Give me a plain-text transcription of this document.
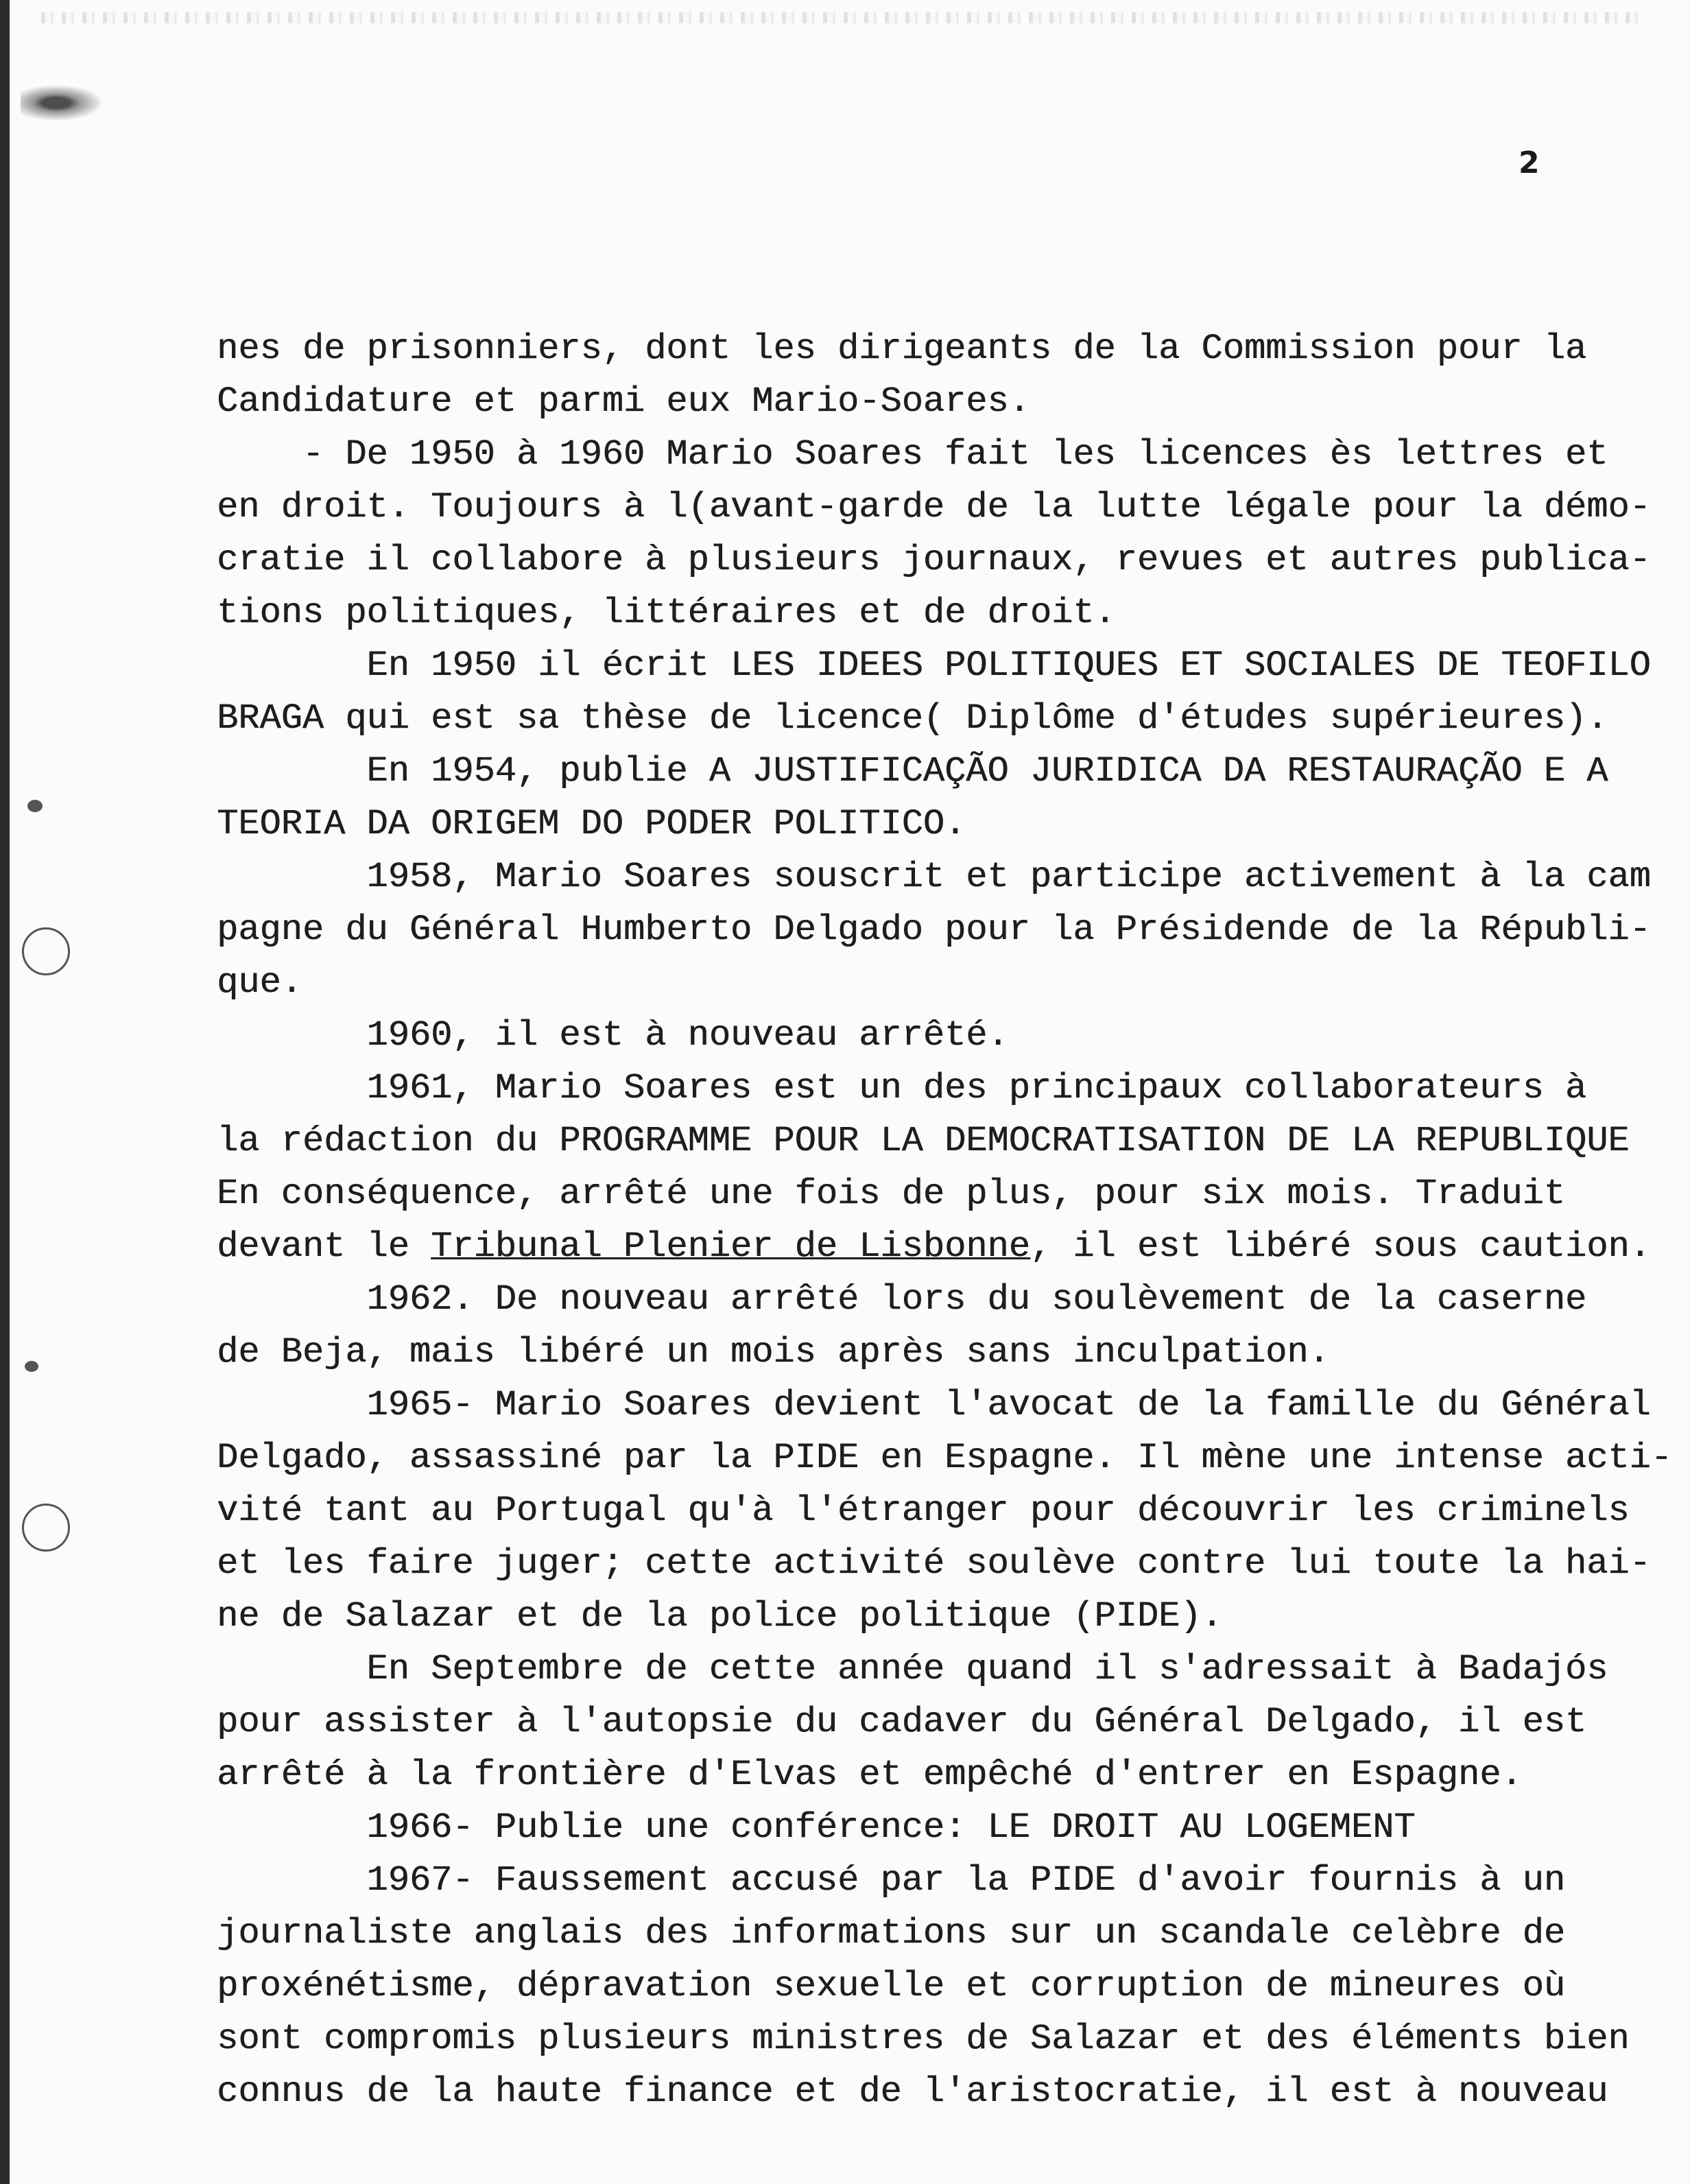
2
nes de prisonniers, dont les dirigeants de la Commission pour la
Candidature et parmi eux Mario-Soares.
- De 1950 à 1960 Mario Soares fait les licences ès lettres et
en droit. Toujours à l(avant-garde de la lutte légale pour la démo-
cratie il collabore à plusieurs journaux, revues et autres publica-
tions politiques, littéraires et de droit.
En 1950 il écrit LES IDEES POLITIQUES ET SOCIALES DE TEOFILO
BRAGA qui est sa thèse de licence( Diplôme d'études supérieures).
En 1954, publie A JUSTIFICAÇÃO JURIDICA DA RESTAURAÇÃO E A
TEORIA DA ORIGEM DO PODER POLITICO.
1958, Mario Soares souscrit et participe activement à la cam
pagne du Général Humberto Delgado pour la Présidende de la Républi-
que.
1960, il est à nouveau arrêté.
1961, Mario Soares est un des principaux collaborateurs à
la rédaction du PROGRAMME POUR LA DEMOCRATISATION DE LA REPUBLIQUE
En conséquence, arrêté une fois de plus, pour six mois. Traduit
devant le Tribunal Plenier de Lisbonne, il est libéré sous caution.
1962. De nouveau arrêté lors du soulèvement de la caserne
de Beja, mais libéré un mois après sans inculpation.
1965- Mario Soares devient l'avocat de la famille du Général
Delgado, assassiné par la PIDE en Espagne. Il mène une intense acti-
vité tant au Portugal qu'à l'étranger pour découvrir les criminels
et les faire juger; cette activité soulève contre lui toute la hai-
ne de Salazar et de la police politique (PIDE).
En Septembre de cette année quand il s'adressait à Badajós
pour assister à l'autopsie du cadaver du Général Delgado, il est
arrêté à la frontière d'Elvas et empêché d'entrer en Espagne.
1966- Publie une conférence: LE DROIT AU LOGEMENT
1967- Faussement accusé par la PIDE d'avoir fournis à un
journaliste anglais des informations sur un scandale celèbre de
proxénétisme, dépravation sexuelle et corruption de mineures où
sont compromis plusieurs ministres de Salazar et des éléments bien
connus de la haute finance et de l'aristocratie, il est à nouveau
